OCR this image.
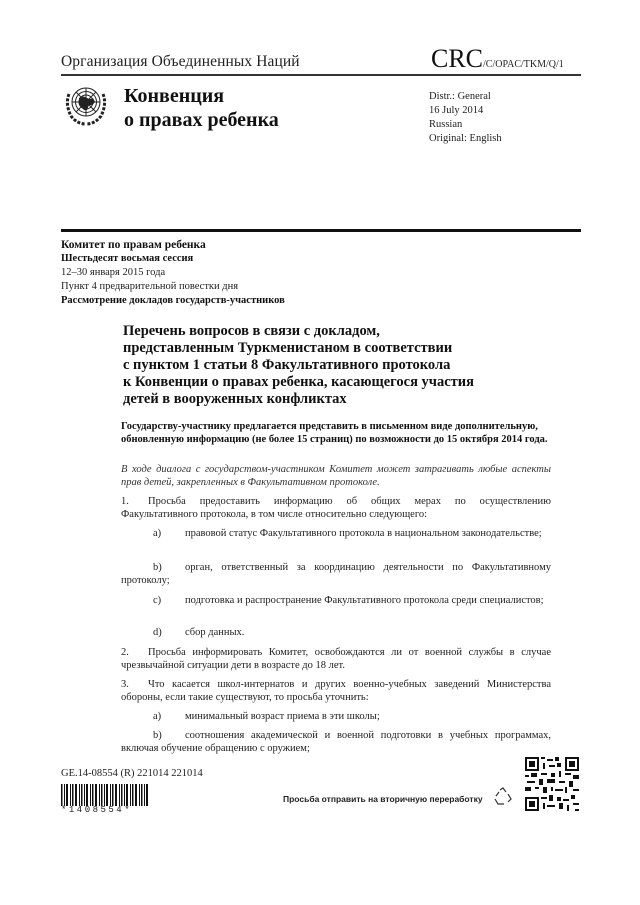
Организация Объединенных Наций	CRC/C/OPAC/TKM/Q/1
Конвенция
о правах ребенка
Distr.: General
16 July 2014
Russian
Original: English
Комитет по правам ребенка
Шестьдесят восьмая сессия
12–30 января 2015 года
Пункт 4 предварительной повестки дня
Рассмотрение докладов государств-участников
Перечень вопросов в связи с докладом,
представленным Туркменистаном в соответствии
с пунктом 1 статьи 8 Факультативного протокола
к Конвенции о правах ребенка, касающегося участия
детей в вооруженных конфликтах
Государству-участнику предлагается представить в письменном виде дополнительную, обновленную информацию (не более 15 страниц) по возможности до 15 октября 2014 года.
В ходе диалога с государством-участником Комитет может затрагивать любые аспекты прав детей, закрепленных в Факультативном протоколе.
1. Просьба предоставить информацию об общих мерах по осуществлению Факультативного протокола, в том числе относительно следующего:
a) правовой статус Факультативного протокола в национальном законодательстве;
b) орган, ответственный за координацию деятельности по Факультативному протоколу;
c) подготовка и распространение Факультативного протокола среди специалистов;
d) сбор данных.
2. Просьба информировать Комитет, освобождаются ли от военной службы в случае чрезвычайной ситуации дети в возрасте до 18 лет.
3. Что касается школ-интернатов и других военно-учебных заведений Министерства обороны, если такие существуют, то просьба уточнить:
a) минимальный возраст приема в эти школы;
b) соотношения академической и военной подготовки в учебных программах, включая обучение обращению с оружием;
GE.14-08554 (R) 221014 221014
*1408554*
Просьба отправить на вторичную переработку
